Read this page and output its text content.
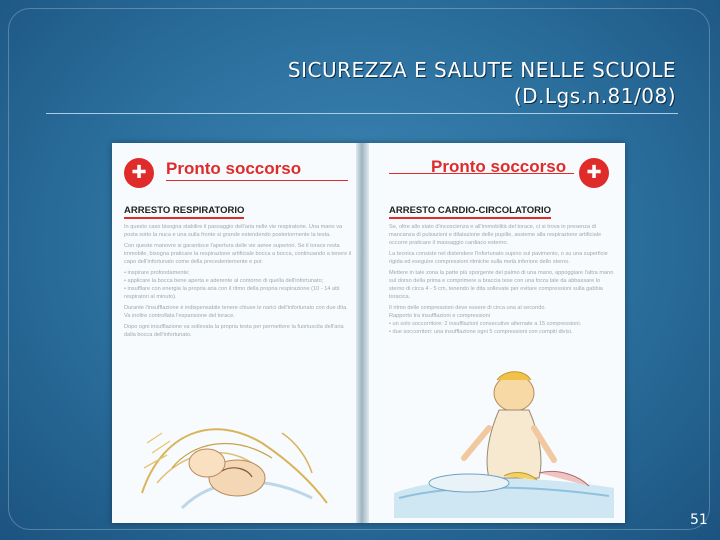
SICUREZZA E SALUTE NELLE SCUOLE
(D.Lgs.n.81/08)
✚ Pronto soccorso
ARRESTO RESPIRATORIO

In questo caso bisogna stabilire il passaggio dell'aria nelle vie respiratorie. Una mano va posta sotto la nuca e una sulla fronte si grande estendendo posteriormente la testa.

Con queste manovre si garantisce l'apertura delle vie aeree superiori. Se il torace resta immobile, bisogna praticare la respirazione artificiale bocca a bocca, continuando a tenere il capo dell'infortunato come della precedentemente e poi:

• inspirare profondamente;

• applicare la bocca bene aperta e aderente al contorno di quella dell'infortunato;

• insufflare con energia la propria aria con il ritmo della propria respirazione (10 - 14 atti respiratori al minuto).

Durante l'insufflazione è indispensabile tenere chiuse le narici dell'infortunato con due dita. Va inoltre controllata l'espansione del torace.

Dopo ogni insufflazione va sollevata la propria testa per permettere la fuoriuscita dell'aria dalla bocca dell'infortunato.

Pronto soccorso ✚
ARRESTO CARDIO-CIRCOLATORIO

Se, oltre allo stato d'incoscienza e all'immobilità del torace, ci si trova in presenza di mancanza di pulsazioni e dilatazione delle pupille, assieme alla respirazione artificiale occorre praticare il massaggio cardiaco esterno.

La tecnica consiste nel distendere l'infortunato supino sul pavimento, o su una superficie rigida ed eseguire compressioni ritmiche sulla metà inferiore dello sterno.

Mettere in tale zona la parte più sporgente del palmo di una mano, appoggiare l'altra mano sul dorso della prima e comprimere a braccia tese con una forza tale da abbassare lo sterno di circa 4 - 5 cm, tenendo le dita sollevate per evitare compressioni sulla gabbia toracica.

Il ritmo delle compressioni deve essere di circa una al secondo.

Rapporto tra insufflazioni e compressioni

• un solo soccorritore: 2 insufflazioni consecutive alternate a 15 compressioni.

• due soccorritori: una insufflazione ogni 5 compressioni con compiti divisi.

51
